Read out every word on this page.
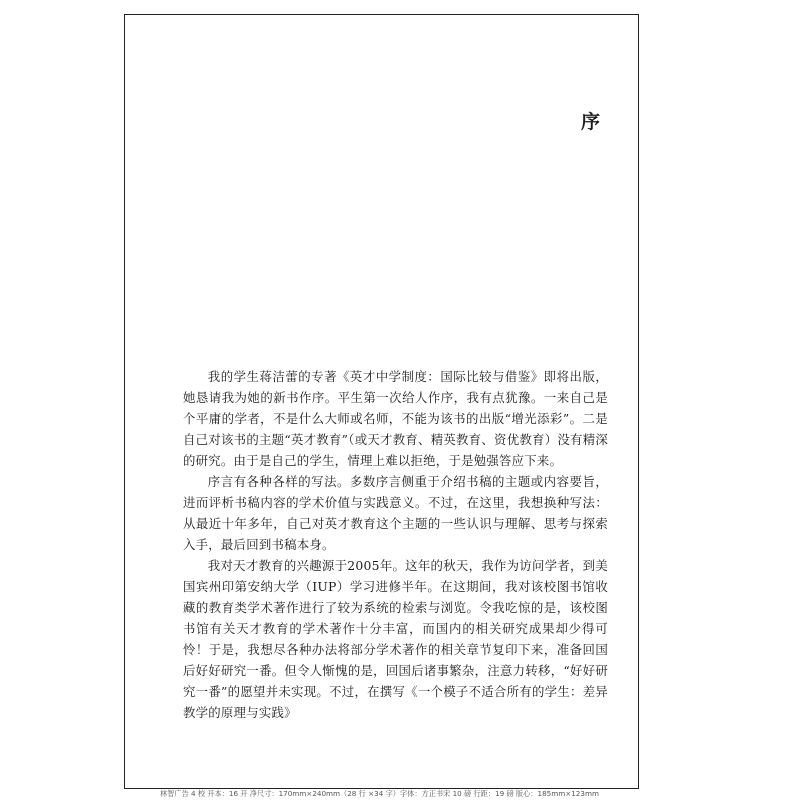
序

我的学生蒋洁蕾的专著《英才中学制度：国际比较与借鉴》即将出版，她恳请我为她的新书作序。平生第一次给人作序，我有点犹豫。一来自己是个平庸的学者，不是什么大师或名师，不能为该书的出版“增光添彩”。二是自己对该书的主题“英才教育”（或天才教育、精英教育、资优教育）没有精深的研究。由于是自己的学生，情理上难以拒绝，于是勉强答应下来。

序言有各种各样的写法。多数序言侧重于介绍书稿的主题或内容要旨，进而评析书稿内容的学术价值与实践意义。不过，在这里，我想换种写法：从最近十年多年，自己对英才教育这个主题的一些认识与理解、思考与探索入手，最后回到书稿本身。

我对天才教育的兴趣源于2005年。这年的秋天，我作为访问学者，到美国宾州印第安纳大学（IUP）学习进修半年。在这期间，我对该校图书馆收藏的教育类学术著作进行了较为系统的检索与浏览。令我吃惊的是，该校图书馆有关天才教育的学术著作十分丰富，而国内的相关研究成果却少得可怜！于是，我想尽各种办法将部分学术著作的相关章节复印下来，准备回国后好好研究一番。但令人惭愧的是，回国后诸事繁杂，注意力转移，“好好研究一番”的愿望并未实现。不过，在撰写《一个模子不适合所有的学生：差异教学的原理与实践》

林智广告 4 校 开本：16 开 净尺寸：170mm×240mm（28 行 ×34 字）字体：方正书宋 10 磅 行距：19 磅 版心：185mm×123mm
